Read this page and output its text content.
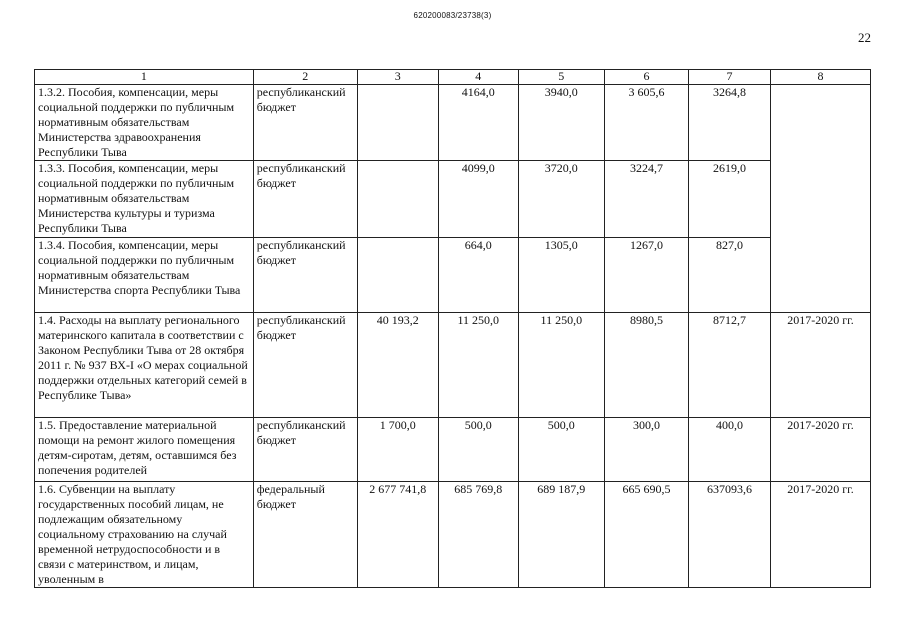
620200083/23738(3)
22
1	2	3	4	5	6	7	8
1.3.2. Пособия, компенсации, меры социальной поддержки по публичным нормативным обязательствам Министерства здравоохранения Республики Тыва	республиканский бюджет		4164,0	3940,0	3 605,6	3264,8	
1.3.3. Пособия, компенсации, меры социальной поддержки по публичным нормативным обязательствам Министерства культуры и туризма Республики Тыва	республиканский бюджет		4099,0	3720,0	3224,7	2619,0	
1.3.4. Пособия, компенсации, меры социальной поддержки по публичным нормативным обязательствам Министерства спорта Республики Тыва	республиканский бюджет		664,0	1305,0	1267,0	827,0	
1.4. Расходы на выплату регионального материнского капитала в соответствии с Законом Республики Тыва от 28 октября 2011 г. № 937 ВХ-I «О мерах социальной поддержки отдельных категорий семей в Республике Тыва»	республиканский бюджет	40 193,2	11 250,0	11 250,0	8980,5	8712,7	2017-2020 гг.
1.5. Предоставление материальной помощи на ремонт жилого помещения детям-сиротам, детям, оставшимся без попечения родителей	республиканский бюджет	1 700,0	500,0	500,0	300,0	400,0	2017-2020 гг.
1.6. Субвенции на выплату государственных пособий лицам, не подлежащим обязательному социальному страхованию на случай временной нетрудоспособности и в связи с материнством, и лицам, уволенным в	федеральный бюджет	2 677 741,8	685 769,8	689 187,9	665 690,5	637093,6	2017-2020 гг.
